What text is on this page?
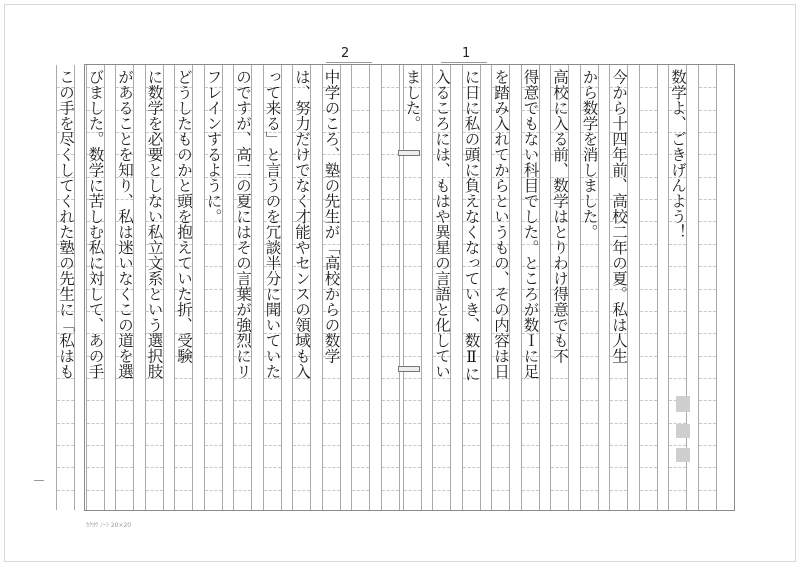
2	1
数学よ、ごきげんよう！
今から十四年前、高校二年の夏。私は人生
から数学を消しました。
高校に入る前、数学はとりわけ得意でも不
得意でもない科目でした。ところが数Ｉに足
を踏み入れてからというもの、その内容は日
に日に私の頭に負えなくなっていき、数Ⅱに
入るころには、もはや異星の言語と化してい
ました。
中学のころ、塾の先生が「高校からの数学
は、努力だけでなく才能やセンスの領域も入
って来る」と言うのを冗談半分に聞いていた
のですが、高二の夏にはその言葉が強烈にリ
フレインするように。
どうしたものかと頭を抱えていた折、受験
に数学を必要としない私立文系という選択肢
があることを知り、私は迷いなくこの道を選
びました。数学に苦しむ私に対して、あの手
この手を尽くしてくれた塾の先生に「私はも
ｶｸﾖｳ ﾉｰﾄ 20×20
